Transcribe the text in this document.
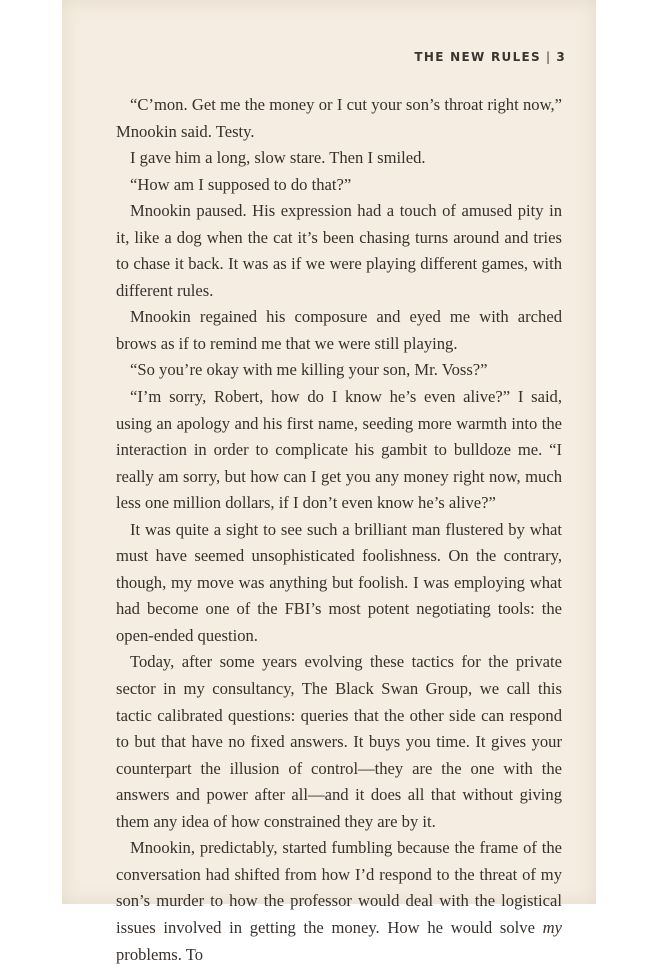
THE NEW RULES | 3

“C’mon. Get me the money or I cut your son’s throat right now,” Mnookin said. Testy.

I gave him a long, slow stare. Then I smiled.

“How am I supposed to do that?”

Mnookin paused. His expression had a touch of amused pity in it, like a dog when the cat it’s been chasing turns around and tries to chase it back. It was as if we were playing different games, with different rules.

Mnookin regained his composure and eyed me with arched brows as if to remind me that we were still playing.

“So you’re okay with me killing your son, Mr. Voss?”

“I’m sorry, Robert, how do I know he’s even alive?” I said, using an apology and his first name, seeding more warmth into the interaction in order to complicate his gambit to bulldoze me. “I really am sorry, but how can I get you any money right now, much less one million dollars, if I don’t even know he’s alive?”

It was quite a sight to see such a brilliant man flustered by what must have seemed unsophisticated foolishness. On the contrary, though, my move was anything but foolish. I was employing what had become one of the FBI’s most potent negotiating tools: the open-ended question.

Today, after some years evolving these tactics for the private sector in my consultancy, The Black Swan Group, we call this tactic calibrated questions: queries that the other side can respond to but that have no fixed answers. It buys you time. It gives your counterpart the illusion of control—they are the one with the answers and power after all—and it does all that without giving them any idea of how constrained they are by it.

Mnookin, predictably, started fumbling because the frame of the conversation had shifted from how I’d respond to the threat of my son’s murder to how the professor would deal with the logistical issues involved in getting the money. How he would solve my problems. To
